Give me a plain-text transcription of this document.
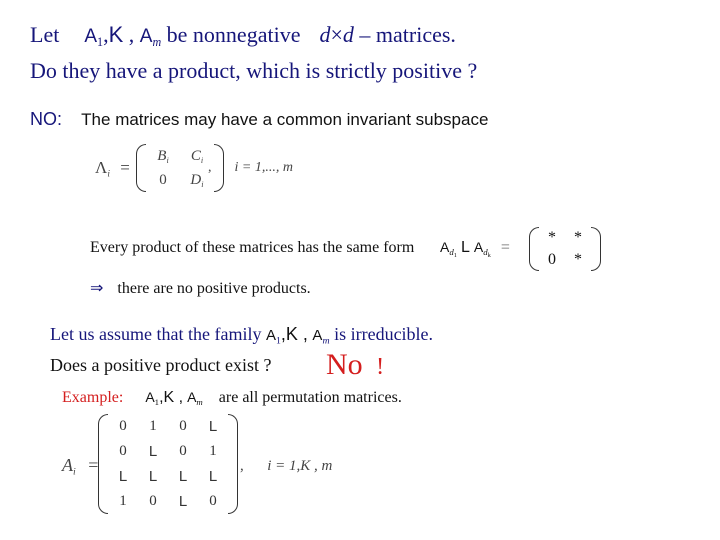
Let $A_1,K$ , $A_m$ be nonnegative d×d – matrices.
Do they have a product, which is strictly positive ?
NO: The matrices may have a common invariant subspace
$\Lambda_i$ =
$B_i$ $C_i$
0 $D_i$
, i = 1,..., m
Every product of these matrices has the same form $A_{d1}$ L $A_{dk}$ =
* *
0 *
⇒ there are no positive products.
Let us assume that the family $A_1,K$ , $A_m$ is irreducible.
Does a positive product exist ? No !
Example: $A_1,K$ , $A_m$ are all permutation matrices.
$A_i$ =
0 1 0 L
0 L 0 1
L L L L
1 0 L 0
, i = 1,K , m
